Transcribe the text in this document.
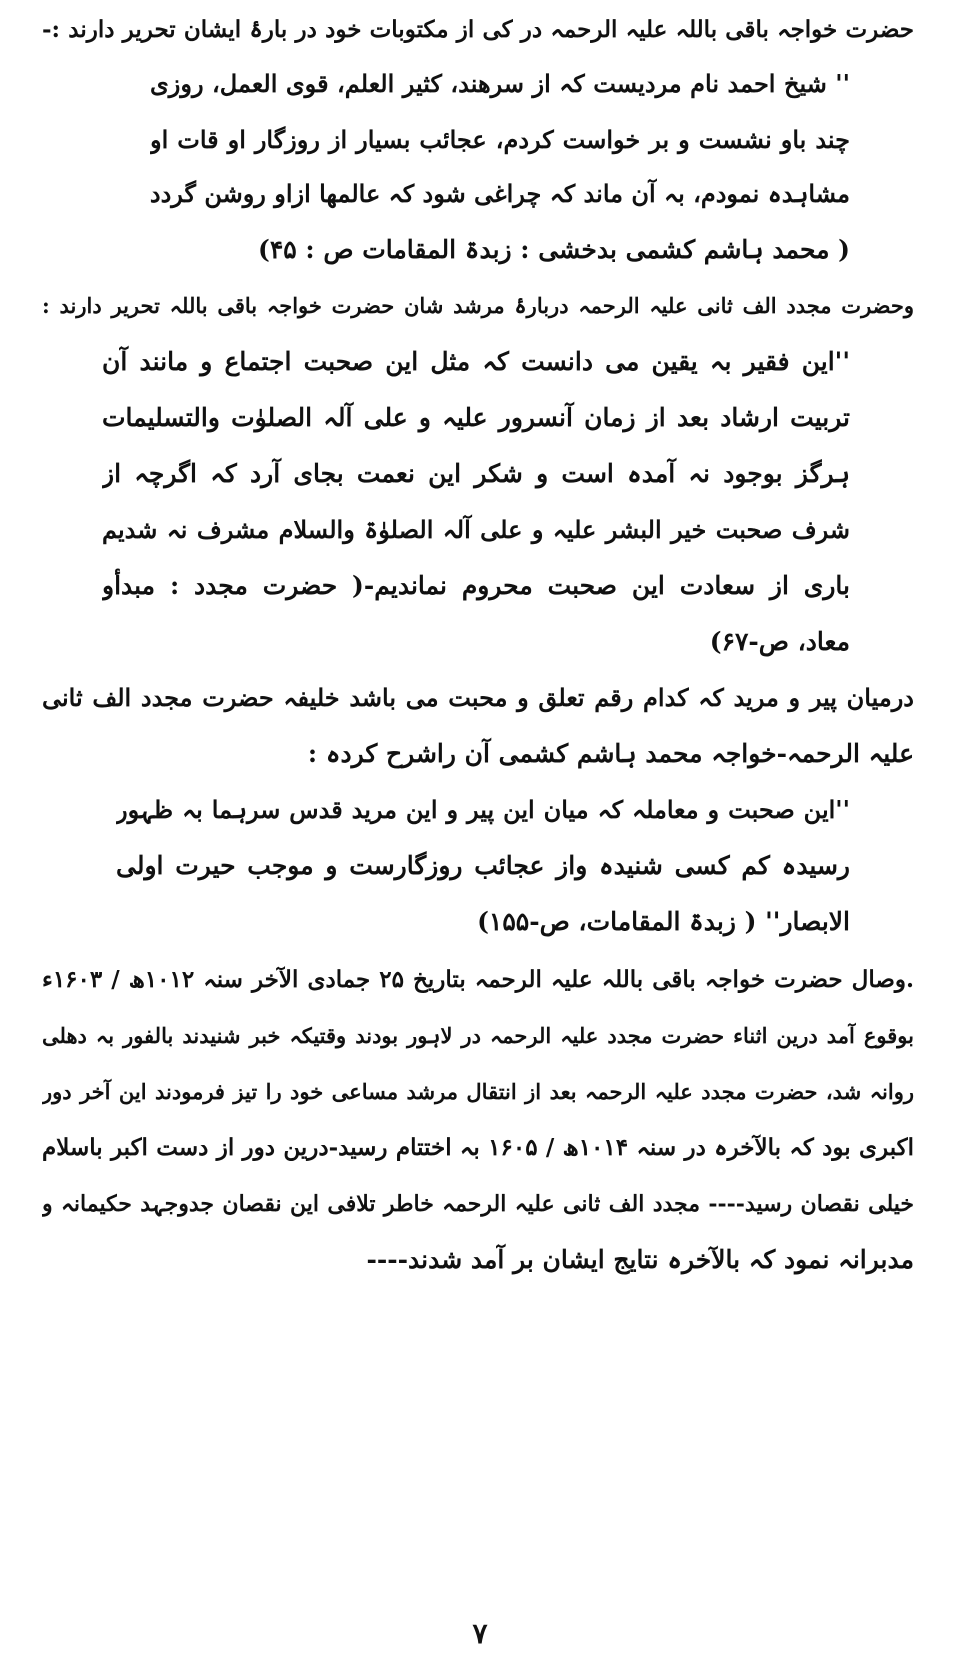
حضرت خواجہ باقی باللہ علیہ الرحمہ در کی از مکتوبات خود در بارۂ ایشان تحریر دارند :-
'' شیخ احمد نام مردیست کہ از سرھند، کثیر العلم، قوی العمل، روزی
چند باو نشست و بر خواست کردم، عجائب بسیار از روزگار او قات او
مشاہدہ نمودم، بہ آن ماند کہ چراغی شود کہ عالمھا ازاو روشن گردد
( محمد ہاشم کشمی بدخشی : زبدۃ المقامات ص : ۴۵)
وحضرت مجدد الف ثانی علیہ الرحمہ دربارۂ مرشد شان حضرت خواجہ باقی باللہ تحریر دارند :
''این فقیر بہ یقین می دانست کہ مثل این صحبت اجتماع و مانند آن
تربیت ارشاد بعد از زمان آنسرور علیہ و علی آلہ الصلوٰت والتسلیمات
ہرگز بوجود نہ آمدہ است و شکر این نعمت بجای آرد کہ اگرچہ از
شرف صحبت خیر البشر علیہ و علی آلہ الصلوٰۃ والسلام مشرف نہ شدیم
باری از سعادت این صحبت محروم نماندیم-( حضرت مجدد : مبدأو
معاد، ص-۶۷)
درمیان پیر و مرید کہ کدام رقم تعلق و محبت می باشد خلیفہ حضرت مجدد الف ثانی
علیہ الرحمہ-خواجہ محمد ہاشم کشمی آن راشرح کردہ :
''این صحبت و معاملہ کہ میان این پیر و این مرید قدس سرہما بہ ظہور
رسیدہ کم کسی شنیدہ واز عجائب روزگارست و موجب حیرت اولی
الابصار'' ( زبدۃ المقامات، ص-۱۵۵)
.وصال حضرت خواجہ باقی باللہ علیہ الرحمہ بتاریخ ۲۵ جمادی الآخر سنہ ۱۰۱۲ھ / ۱۶۰۳ء
بوقوع آمد درین اثناء حضرت مجدد علیہ الرحمہ در لاہور بودند وقتیکہ خبر شنیدند بالفور بہ دھلی
روانہ شد، حضرت مجدد علیہ الرحمہ بعد از انتقال مرشد مساعی خود را تیز فرمودند این آخر دور
اکبری بود کہ بالآخرہ در سنہ ۱۰۱۴ھ / ۱۶۰۵ بہ اختتام رسید-درین دور از دست اکبر باسلام
خیلی نقصان رسید---- مجدد الف ثانی علیہ الرحمہ خاطر تلافی این نقصان جدوجہد حکیمانہ و
مدبرانہ نمود کہ بالآخرہ نتایج ایشان بر آمد شدند----
۷
